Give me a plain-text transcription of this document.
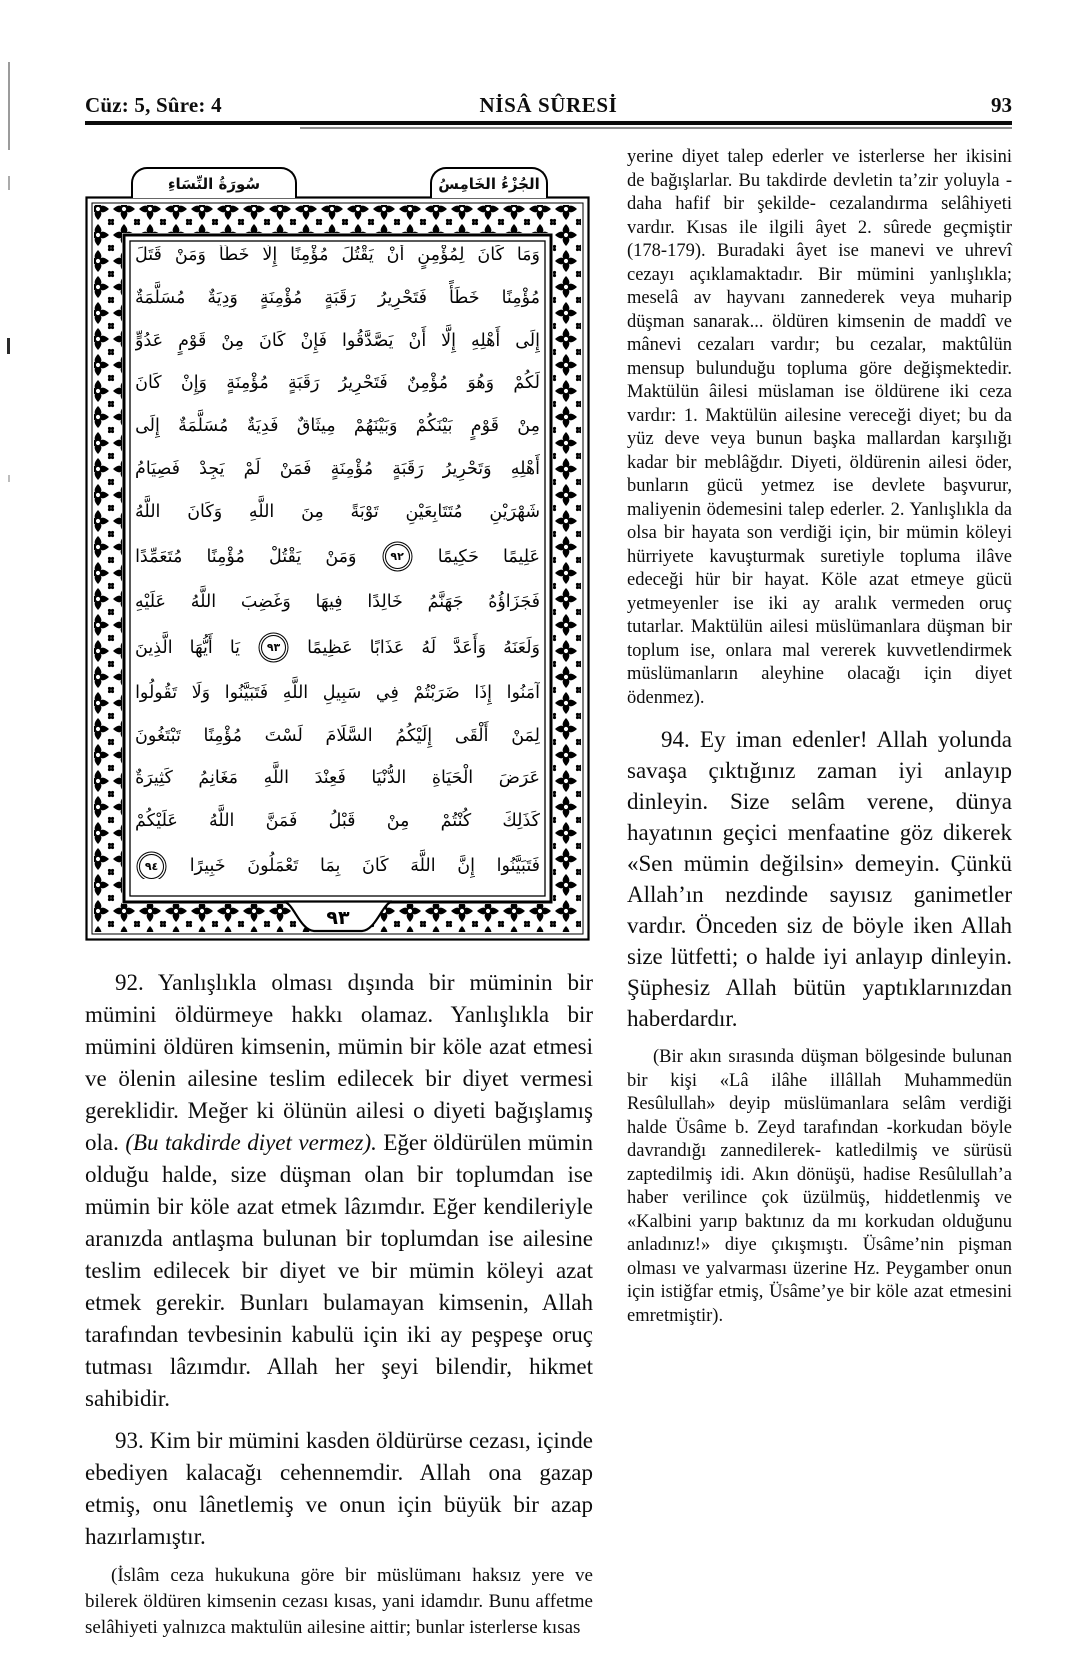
Cüz: 5, Sûre: 4	NİSÂ SÛRESİ	93
سُورَةُ النِّسَاءِ	الجُزْءُ الخَامِسُ
وَمَا
كَانَ
لِمُؤْمِنٍ
أَنْ
يَقْتُلَ
مُؤْمِنًا
إِلَّا
خَطَأً
وَمَنْ
قَتَلَ
مُؤْمِنًا
خَطَأً
فَتَحْرِيرُ
رَقَبَةٍ
مُؤْمِنَةٍ
وَدِيَةٌ
مُسَلَّمَةٌ
إِلَى
أَهْلِهِ
إِلَّا
أَنْ
يَصَّدَّقُوا
فَإِنْ
كَانَ
مِنْ
قَوْمٍ
عَدُوٍّ
لَكُمْ
وَهُوَ
مُؤْمِنٌ
فَتَحْرِيرُ
رَقَبَةٍ
مُؤْمِنَةٍ
وَإِنْ
كَانَ
مِنْ
قَوْمٍ
بَيْنَكُمْ
وَبَيْنَهُمْ
مِيثَاقٌ
فَدِيَةٌ
مُسَلَّمَةٌ
إِلَى
أَهْلِهِ
وَتَحْرِيرُ
رَقَبَةٍ
مُؤْمِنَةٍ
فَمَنْ
لَمْ
يَجِدْ
فَصِيَامُ
شَهْرَيْنِ
مُتَتَابِعَيْنِ
تَوْبَةً
مِنَ
اللَّهِ
وَكَانَ
اللَّهُ
عَلِيمًا
حَكِيمًا
٩٢
وَمَنْ
يَقْتُلْ
مُؤْمِنًا
مُتَعَمِّدًا
فَجَزَاؤُهُ
جَهَنَّمُ
خَالِدًا
فِيهَا
وَغَضِبَ
اللَّهُ
عَلَيْهِ
وَلَعَنَهُ
وَأَعَدَّ
لَهُ
عَذَابًا
عَظِيمًا
٩٣
يَا
أَيُّهَا
الَّذِينَ
آمَنُوا
إِذَا
ضَرَبْتُمْ
فِي
سَبِيلِ
اللَّهِ
فَتَبَيَّنُوا
وَلَا
تَقُولُوا
لِمَنْ
أَلْقَى
إِلَيْكُمُ
السَّلَامَ
لَسْتَ
مُؤْمِنًا
تَبْتَغُونَ
عَرَضَ
الْحَيَاةِ
الدُّنْيَا
فَعِنْدَ
اللَّهِ
مَغَانِمُ
كَثِيرَةٌ
كَذَلِكَ
كُنْتُمْ
مِنْ
قَبْلُ
فَمَنَّ
اللَّهُ
عَلَيْكُمْ
فَتَبَيَّنُوا
إِنَّ
اللَّهَ
كَانَ
بِمَا
تَعْمَلُونَ
خَبِيرًا
٩٤
٩٣

92. Yanlışlıkla olması dışında bir müminin bir mümini öldürmeye hakkı olamaz. Yanlışlıkla bir mümini öldüren kimsenin, mümin bir köle azat etmesi ve ölenin ailesine teslim edilecek bir diyet vermesi gereklidir. Meğer ki ölünün ailesi o diyeti bağışlamış ola. (Bu takdirde diyet vermez). Eğer öldürülen mümin olduğu halde, size düşman olan bir toplumdan ise mümin bir köle azat etmek lâzımdır. Eğer kendileriyle aranızda antlaşma bulunan bir toplumdan ise ailesine teslim edilecek bir diyet ve bir mümin köleyi azat etmek gerekir. Bunları bulamayan kimsenin, Allah tarafından tevbesinin kabulü için iki ay peşpeşe oruç tutması lâzımdır. Allah her şeyi bilendir, hikmet sahibidir.

93. Kim bir mümini kasden öldürürse cezası, içinde ebediyen kalacağı cehennemdir. Allah ona gazap etmiş, onu lânetlemiş ve onun için büyük bir azap hazırlamıştır.

(İslâm ceza hukukuna göre bir müslümanı haksız yere ve bilerek öldüren kimsenin cezası kısas, yani idamdır. Bunu affetme selâhiyeti yalnızca maktulün ailesine aittir; bunlar isterlerse kısas

yerine diyet talep ederler ve isterlerse her ikisini de bağışlarlar. Bu takdirde devletin ta’zir yoluyla -daha hafif bir şekilde- cezalandırma selâhiyeti vardır. Kısas ile ilgili âyet 2. sûrede geçmiştir (178-179). Buradaki âyet ise manevi ve uhrevî cezayı açıklamaktadır. Bir mümini yanlışlıkla; meselâ av hayvanı zannederek veya muharip düşman sanarak... öldüren kimsenin de maddî ve mânevi cezaları vardır; bu cezalar, maktûlün mensup bulunduğu topluma göre değişmektedir. Maktülün âilesi müslaman ise öldürene iki ceza vardır: 1. Maktülün ailesine vereceği diyet; bu da yüz deve veya bunun başka mallardan karşılığı kadar bir meblâğdır. Diyeti, öldürenin ailesi öder, bunların gücü yetmez ise devlete başvurur, maliyenin ödemesini talep ederler. 2. Yanlışlıkla da olsa bir hayata son verdiği için, bir mümin köleyi hürriyete kavuşturmak suretiyle topluma ilâve edeceği hür bir hayat. Köle azat etmeye gücü yetmeyenler ise iki ay aralık vermeden oruç tutarlar. Maktülün ailesi müslümanlara düşman bir toplum ise, onlara mal vererek kuvvetlendirmek müslümanların aleyhine olacağı için diyet ödenmez).

94. Ey iman edenler! Allah yolunda savaşa çıktığınız zaman iyi anlayıp dinleyin. Size selâm verene, dünya hayatının geçici menfaatine göz dikerek «Sen mümin değilsin» demeyin. Çünkü Allah’ın nezdinde sayısız ganimetler vardır. Önceden siz de böyle iken Allah size lütfetti; o halde iyi anlayıp dinleyin. Şüphesiz Allah bütün yaptıklarınızdan haberdardır.

(Bir akın sırasında düşman bölgesinde bulunan bir kişi «Lâ ilâhe illâllah Muhammedün Resûlullah» deyip müslümanlara selâm verdiği halde Üsâme b. Zeyd tarafından -korkudan böyle davrandığı zannedilerek- katledilmiş ve sürüsü zaptedilmiş idi. Akın dönüşü, hadise Resûlullah’a haber verilince çok üzülmüş, hiddetlenmiş ve «Kalbini yarıp baktınız da mı korkudan olduğunu anladınız!» diye çıkışmıştı. Üsâme’nin pişman olması ve yalvarması üzerine Hz. Peygamber onun için istiğfar etmiş, Üsâme’ye bir köle azat etmesini emretmiştir).
